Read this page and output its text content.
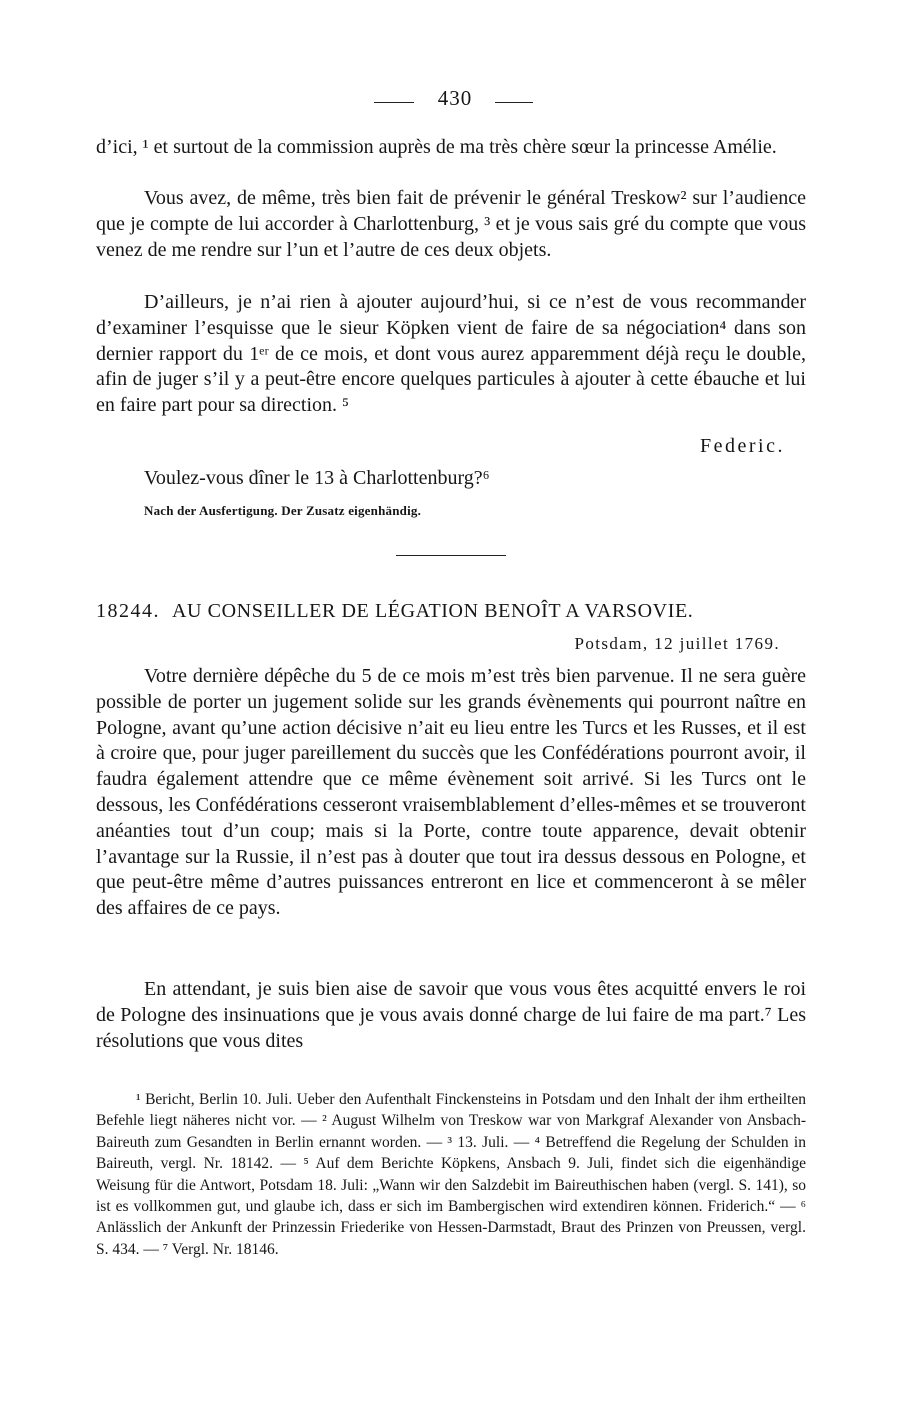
430

d’ici, ¹ et surtout de la commission auprès de ma très chère sœur la princesse Amélie.

Vous avez, de même, très bien fait de prévenir le général Treskow² sur l’audience que je compte de lui accorder à Charlottenburg, ³ et je vous sais gré du compte que vous venez de me rendre sur l’un et l’autre de ces deux objets.

D’ailleurs, je n’ai rien à ajouter aujourd’hui, si ce n’est de vous recommander d’examiner l’esquisse que le sieur Köpken vient de faire de sa négociation⁴ dans son dernier rapport du 1ᵉʳ de ce mois, et dont vous aurez apparemment déjà reçu le double, afin de juger s’il y a peut-être encore quelques particules à ajouter à cette ébauche et lui en faire part pour sa direction. ⁵

Federic.
Voulez-vous dîner le 13 à Charlottenburg?⁶
Nach der Ausfertigung. Der Zusatz eigenhändig.
18244. AU CONSEILLER DE LÉGATION BENOÎT A VARSOVIE.
Potsdam, 12 juillet 1769.

Votre dernière dépêche du 5 de ce mois m’est très bien parvenue. Il ne sera guère possible de porter un jugement solide sur les grands évènements qui pourront naître en Pologne, avant qu’une action décisive n’ait eu lieu entre les Turcs et les Russes, et il est à croire que, pour juger pareillement du succès que les Confédérations pourront avoir, il faudra également attendre que ce même évènement soit arrivé. Si les Turcs ont le dessous, les Confédérations cesseront vraisemblablement d’elles-mêmes et se trouveront anéanties tout d’un coup; mais si la Porte, contre toute apparence, devait obtenir l’avantage sur la Russie, il n’est pas à douter que tout ira dessus dessous en Pologne, et que peut-être même d’autres puissances entreront en lice et commenceront à se mêler des affaires de ce pays.

En attendant, je suis bien aise de savoir que vous vous êtes acquitté envers le roi de Pologne des insinuations que je vous avais donné charge de lui faire de ma part.⁷ Les résolutions que vous dites

¹ Bericht, Berlin 10. Juli. Ueber den Aufenthalt Finckensteins in Potsdam und den Inhalt der ihm ertheilten Befehle liegt näheres nicht vor. — ² August Wilhelm von Treskow war von Markgraf Alexander von Ansbach-Baireuth zum Gesandten in Berlin ernannt worden. — ³ 13. Juli. — ⁴ Betreffend die Regelung der Schulden in Baireuth, vergl. Nr. 18142. — ⁵ Auf dem Berichte Köpkens, Ansbach 9. Juli, findet sich die eigenhändige Weisung für die Antwort, Potsdam 18. Juli: „Wann wir den Salzdebit im Baireuthischen haben (vergl. S. 141), so ist es vollkommen gut, und glaube ich, dass er sich im Bambergischen wird extendiren können. Friderich.“ — ⁶ Anlässlich der Ankunft der Prinzessin Friederike von Hessen-Darmstadt, Braut des Prinzen von Preussen, vergl. S. 434. — ⁷ Vergl. Nr. 18146.
